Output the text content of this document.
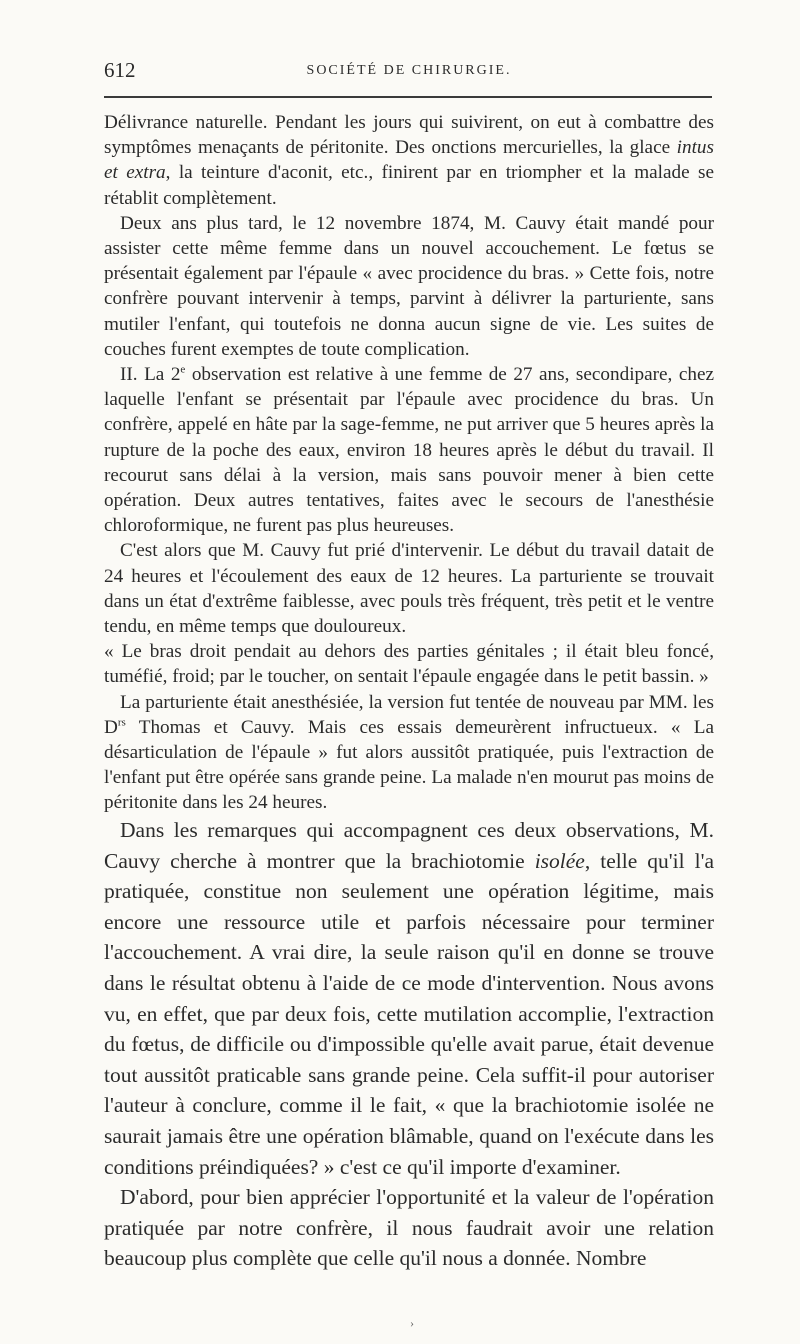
612	SOCIÉTÉ DE CHIRURGIE.

Délivrance naturelle. Pendant les jours qui suivirent, on eut à combattre des symptômes menaçants de péritonite. Des onctions mercurielles, la glace intus et extra, la teinture d'aconit, etc., finirent par en triompher et la malade se rétablit complètement.

Deux ans plus tard, le 12 novembre 1874, M. Cauvy était mandé pour assister cette même femme dans un nouvel accouchement. Le fœtus se présentait également par l'épaule « avec procidence du bras. » Cette fois, notre confrère pouvant intervenir à temps, parvint à délivrer la parturiente, sans mutiler l'enfant, qui toutefois ne donna aucun signe de vie. Les suites de couches furent exemptes de toute complication.

II. La 2e observation est relative à une femme de 27 ans, secondipare, chez laquelle l'enfant se présentait par l'épaule avec procidence du bras. Un confrère, appelé en hâte par la sage-femme, ne put arriver que 5 heures après la rupture de la poche des eaux, environ 18 heures après le début du travail. Il recourut sans délai à la version, mais sans pouvoir mener à bien cette opération. Deux autres tentatives, faites avec le secours de l'anesthésie chloroformique, ne furent pas plus heureuses.

C'est alors que M. Cauvy fut prié d'intervenir. Le début du travail datait de 24 heures et l'écoulement des eaux de 12 heures. La parturiente se trouvait dans un état d'extrême faiblesse, avec pouls très fréquent, très petit et le ventre tendu, en même temps que douloureux.

« Le bras droit pendait au dehors des parties génitales ; il était bleu foncé, tuméfié, froid; par le toucher, on sentait l'épaule engagée dans le petit bassin. »

La parturiente était anesthésiée, la version fut tentée de nouveau par MM. les $D^{rs}$ Thomas et Cauvy. Mais ces essais demeurèrent infructueux. « La désarticulation de l'épaule » fut alors aussitôt pratiquée, puis l'extraction de l'enfant put être opérée sans grande peine. La malade n'en mourut pas moins de péritonite dans les 24 heures.

Dans les remarques qui accompagnent ces deux observations, M. Cauvy cherche à montrer que la brachiotomie isolée, telle qu'il l'a pratiquée, constitue non seulement une opération légitime, mais encore une ressource utile et parfois nécessaire pour terminer l'accouchement. A vrai dire, la seule raison qu'il en donne se trouve dans le résultat obtenu à l'aide de ce mode d'intervention. Nous avons vu, en effet, que par deux fois, cette mutilation accomplie, l'extraction du fœtus, de difficile ou d'impossible qu'elle avait parue, était devenue tout aussitôt praticable sans grande peine. Cela suffit-il pour autoriser l'auteur à conclure, comme il le fait, « que la brachiotomie isolée ne saurait jamais être une opération blâmable, quand on l'exécute dans les conditions préindiquées? » c'est ce qu'il importe d'examiner.

D'abord, pour bien apprécier l'opportunité et la valeur de l'opération pratiquée par notre confrère, il nous faudrait avoir une relation beaucoup plus complète que celle qu'il nous a donnée. Nombre

›
